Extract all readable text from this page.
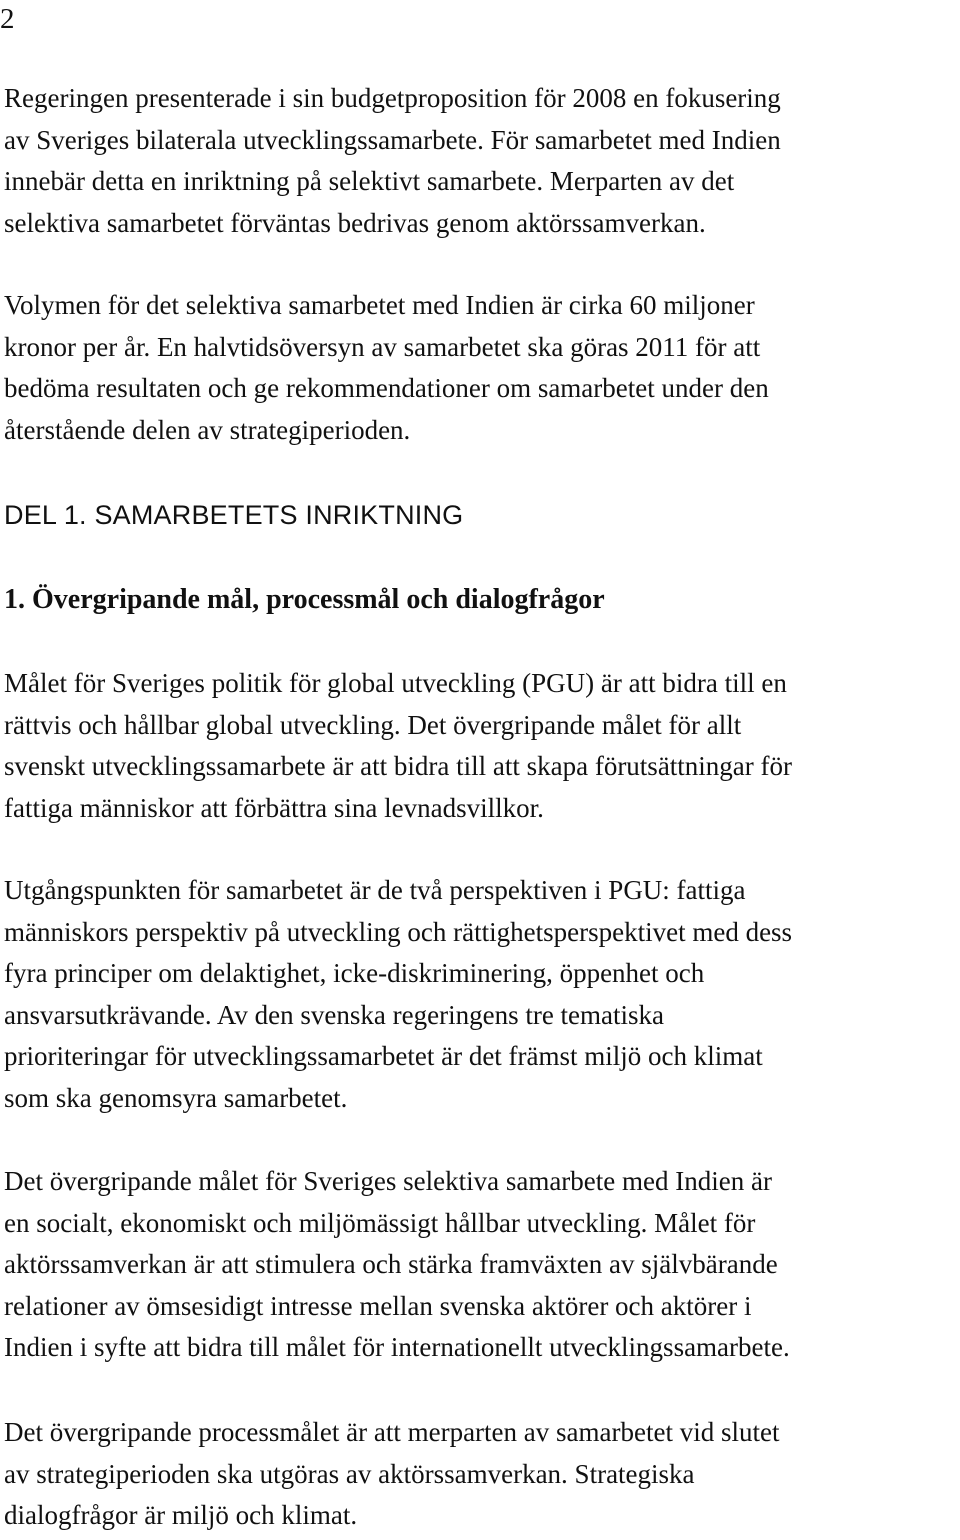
2

Regeringen presenterade i sin budgetproposition för 2008 en fokusering
av Sveriges bilaterala utvecklingssamarbete. För samarbetet med Indien
innebär detta en inriktning på selektivt samarbete. Merparten av det
selektiva samarbetet förväntas bedrivas genom aktörssamverkan.

Volymen för det selektiva samarbetet med Indien är cirka 60 miljoner
kronor per år. En halvtidsöversyn av samarbetet ska göras 2011 för att
bedöma resultaten och ge rekommendationer om samarbetet under den
återstående delen av strategiperioden.

DEL 1. SAMARBETETS INRIKTNING
1. Övergripande mål, processmål och dialogfrågor

Målet för Sveriges politik för global utveckling (PGU) är att bidra till en
rättvis och hållbar global utveckling. Det övergripande målet för allt
svenskt utvecklingssamarbete är att bidra till att skapa förutsättningar för
fattiga människor att förbättra sina levnadsvillkor.

Utgångspunkten för samarbetet är de två perspektiven i PGU: fattiga
människors perspektiv på utveckling och rättighetsperspektivet med dess
fyra principer om delaktighet, icke-diskriminering, öppenhet och
ansvarsutkrävande. Av den svenska regeringens tre tematiska
prioriteringar för utvecklingssamarbetet är det främst miljö och klimat
som ska genomsyra samarbetet.

Det övergripande målet för Sveriges selektiva samarbete med Indien är
en socialt, ekonomiskt och miljömässigt hållbar utveckling. Målet för
aktörssamverkan är att stimulera och stärka framväxten av självbärande
relationer av ömsesidigt intresse mellan svenska aktörer och aktörer i
Indien i syfte att bidra till målet för internationellt utvecklingssamarbete.

Det övergripande processmålet är att merparten av samarbetet vid slutet
av strategiperioden ska utgöras av aktörssamverkan. Strategiska
dialogfrågor är miljö och klimat.
